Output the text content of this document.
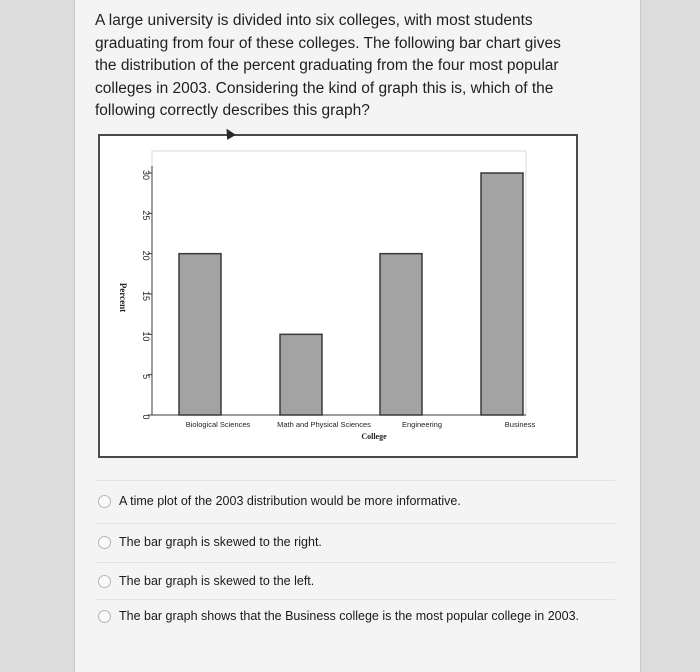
A large university is divided into six colleges, with most students graduating from four of these colleges. The following bar chart gives the distribution of the percent graduating from the four most popular colleges in 2003. Considering the kind of graph this is, which of the following correctly describes this graph?
0
5
10
15
20
25
30
Percent
Biological Sciences	Math and Physical Sciences	Engineering	Business
College
A time plot of the 2003 distribution would be more informative.
The bar graph is skewed to the right.
The bar graph is skewed to the left.
The bar graph shows that the Business college is the most popular college in 2003.
